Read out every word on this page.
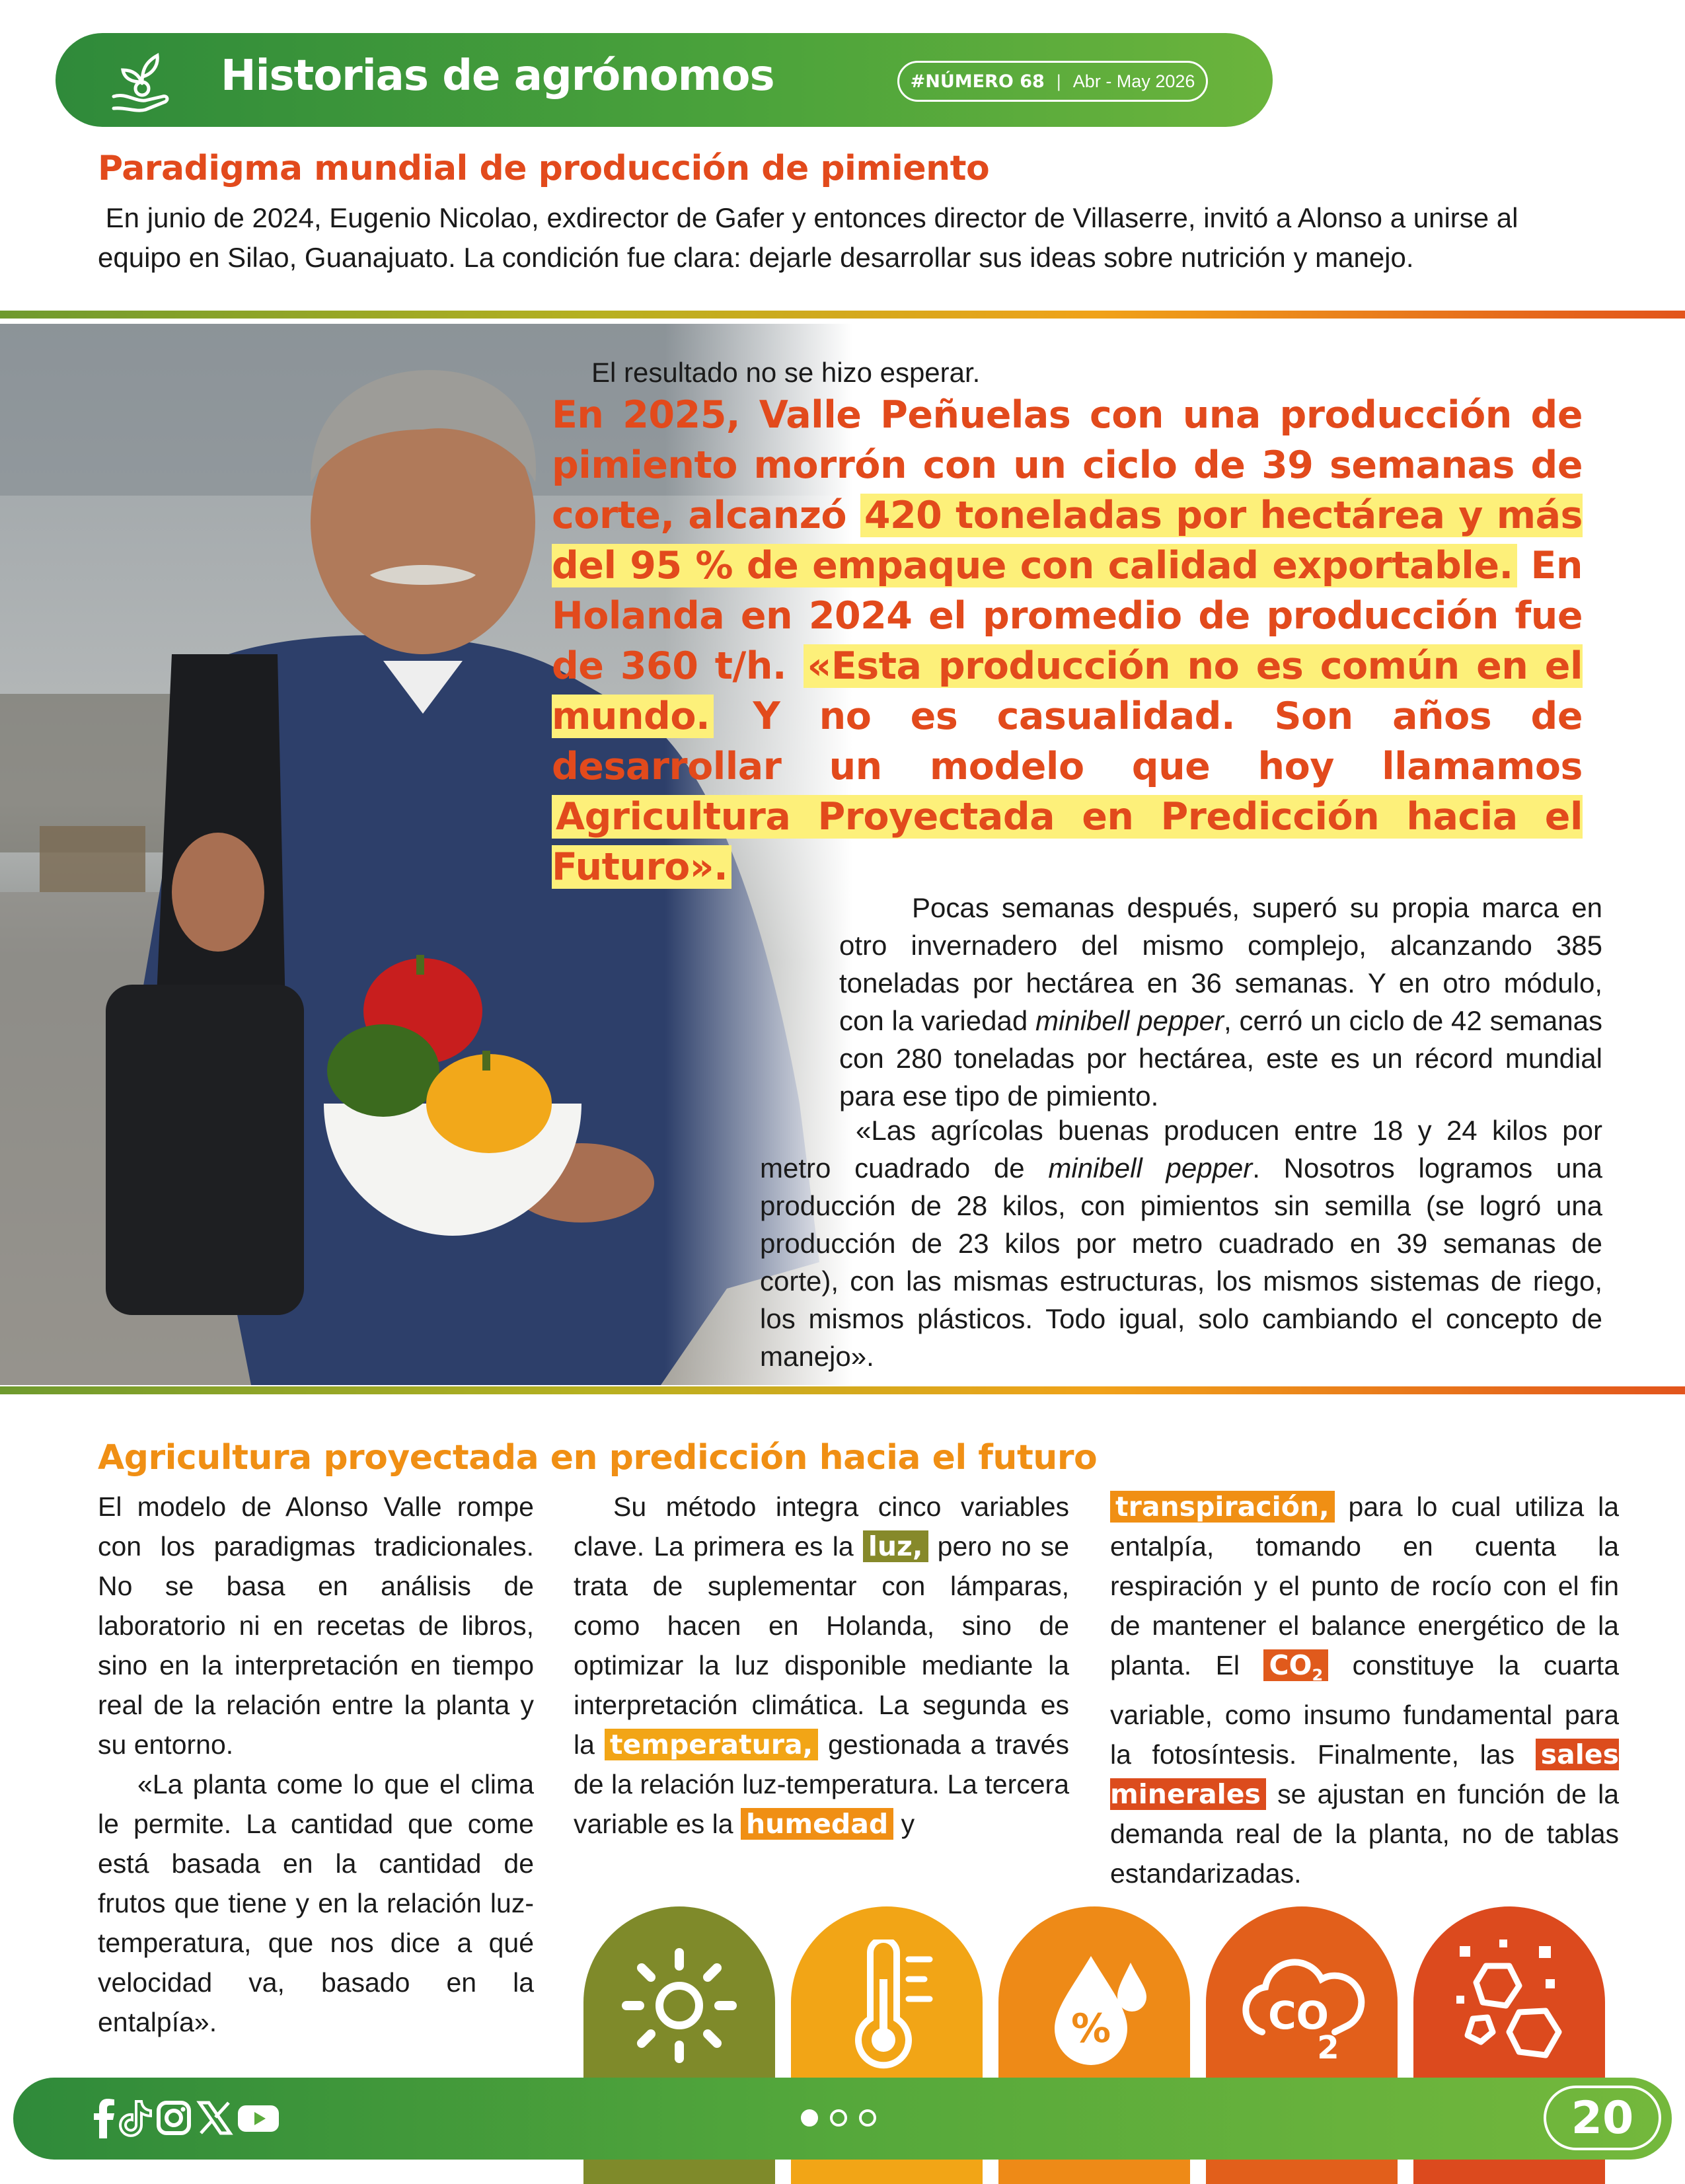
Historias de agrónomos	#NÚMERO 68 | Abr - May 2026
Paradigma mundial de producción de pimiento
En junio de 2024, Eugenio Nicolao, exdirector de Gafer y entonces director de Villaserre, invitó a Alonso a unirse al equipo en Silao, Guanajuato. La condición fue clara: dejarle desarrollar sus ideas sobre nutrición y manejo.
El resultado no se hizo esperar.
En 2025, Valle Peñuelas con una producción de pimiento morrón con un ciclo de 39 semanas de corte, alcanzó 420 toneladas por hectárea y más del 95 % de empaque con calidad exportable. En Holanda en 2024 el promedio de producción fue de 360 t/h. «Esta producción no es común en el mundo. Y no es casualidad. Son años de desarrollar un modelo que hoy llamamos Agricultura Proyectada en Predicción hacia el Futuro».
Pocas semanas después, superó su propia marca en otro invernadero del mismo complejo, alcanzando 385 toneladas por hectárea en 36 semanas. Y en otro módulo, con la variedad minibell pepper, cerró un ciclo de 42 semanas con 280 toneladas por hectárea, este es un récord mundial para ese tipo de pimiento.
«Las agrícolas buenas producen entre 18 y 24 kilos por metro cuadrado de minibell pepper. Nosotros logramos una producción de 28 kilos, con pimientos sin semilla (se logró una producción de 23 kilos por metro cuadrado en 39 semanas de corte), con las mismas estructuras, los mismos sistemas de riego, los mismos plásticos. Todo igual, solo cambiando el concepto de manejo».
Agricultura proyectada en predicción hacia el futuro
El modelo de Alonso Valle rompe con los paradigmas tradicionales. No se basa en análisis de laboratorio ni en recetas de libros, sino en la interpretación en tiempo real de la relación entre la planta y su entorno.
«La planta come lo que el clima le permite. La cantidad que come está basada en la cantidad de frutos que tiene y en la relación luz-temperatura, que nos dice a qué velocidad va, basado en la entalpía».
Su método integra cinco variables clave. La primera es la luz, pero no se trata de suplementar con lámparas, como hacen en Holanda, sino de optimizar la luz disponible mediante la interpretación climática. La segunda es la temperatura, gestionada a través de la relación luz-temperatura. La tercera variable es la humedad y
transpiración, para lo cual utiliza la entalpía, tomando en cuenta la respiración y el punto de rocío con el fin de mantener el balance energético de la planta. El $CO_2$ constituye la cuarta variable, como insumo fundamental para la fotosíntesis. Finalmente, las sales minerales se ajustan en función de la demanda real de la planta, no de tablas estandarizadas.
%	CO
2
20
